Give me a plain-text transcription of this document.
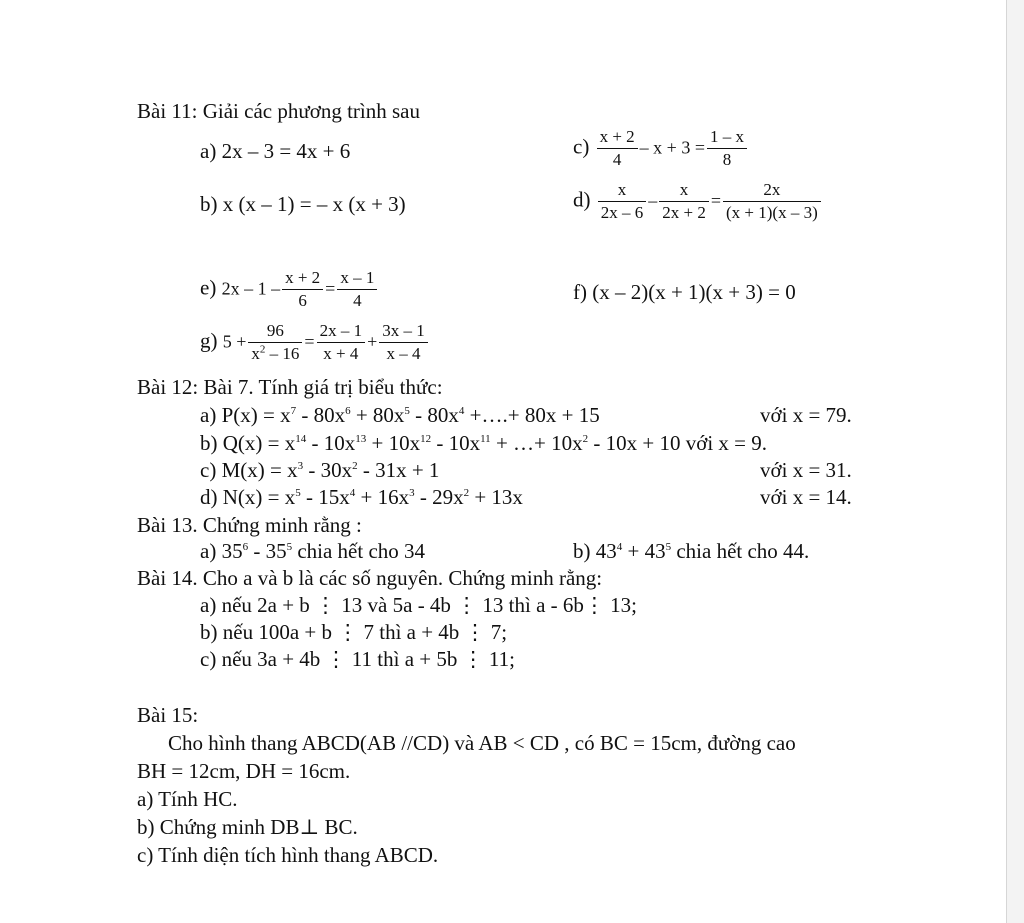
Bài 11: Giải các phương trình sau
a) 2x – 3 = 4x + 6	$c) \frac{x + 2}{4} - x + 3 = \frac{1 - x}{8}$
b) x (x – 1) = – x (x + 3)	$d) \frac{x}{2x - 6} - \frac{x}{2x + 2} = \frac{2x}{(x + 1)(x - 3)}$
e) $2x - 1 - \frac{x + 2}{6} = \frac{x - 1}{4}$	f) (x – 2)(x + 1)(x + 3) = 0
g) $5 + \frac{96}{x^2 - 16} = \frac{2x - 1}{x + 4} + \frac{3x - 1}{x - 4}$
Bài 12: Bài 7. Tính giá trị biểu thức:
a) $P(x) = x^7 - 80x^6 + 80x^5 - 80x^4$ +….+ 80x + 15	với x = 79.
b) $Q(x) = x^{14} - 10x^{13} + 10x^{12} - 10x^{11}$ + …+ $10x^2 - 10x + 10$ với x = 9.
c) $M(x) = x^3 - 30x^2 - 31x + 1$	với x = 31.
d) $N(x) = x^5 - 15x^4 + 16x^3 - 29x^2 + 13x$	với x = 14.
Bài 13. Chứng minh rằng :
a) $35^6 - 35^5$ chia hết cho 34	b) $43^4 + 43^5$ chia hết cho 44.
Bài 14. Cho a và b là các số nguyên. Chứng minh rằng:
a) nếu 2a + b ⋮ 13 và 5a - 4b ⋮ 13 thì a - 6b⋮ 13;
b) nếu 100a + b ⋮ 7 thì a + 4b ⋮ 7;
c) nếu 3a + 4b ⋮ 11 thì a + 5b ⋮ 11;
Bài 15:
Cho hình thang ABCD(AB //CD) và AB < CD , có BC = 15cm, đường cao
BH = 12cm, DH = 16cm.
a) Tính HC.
b) Chứng minh DB⊥ BC.
c) Tính diện tích hình thang ABCD.
